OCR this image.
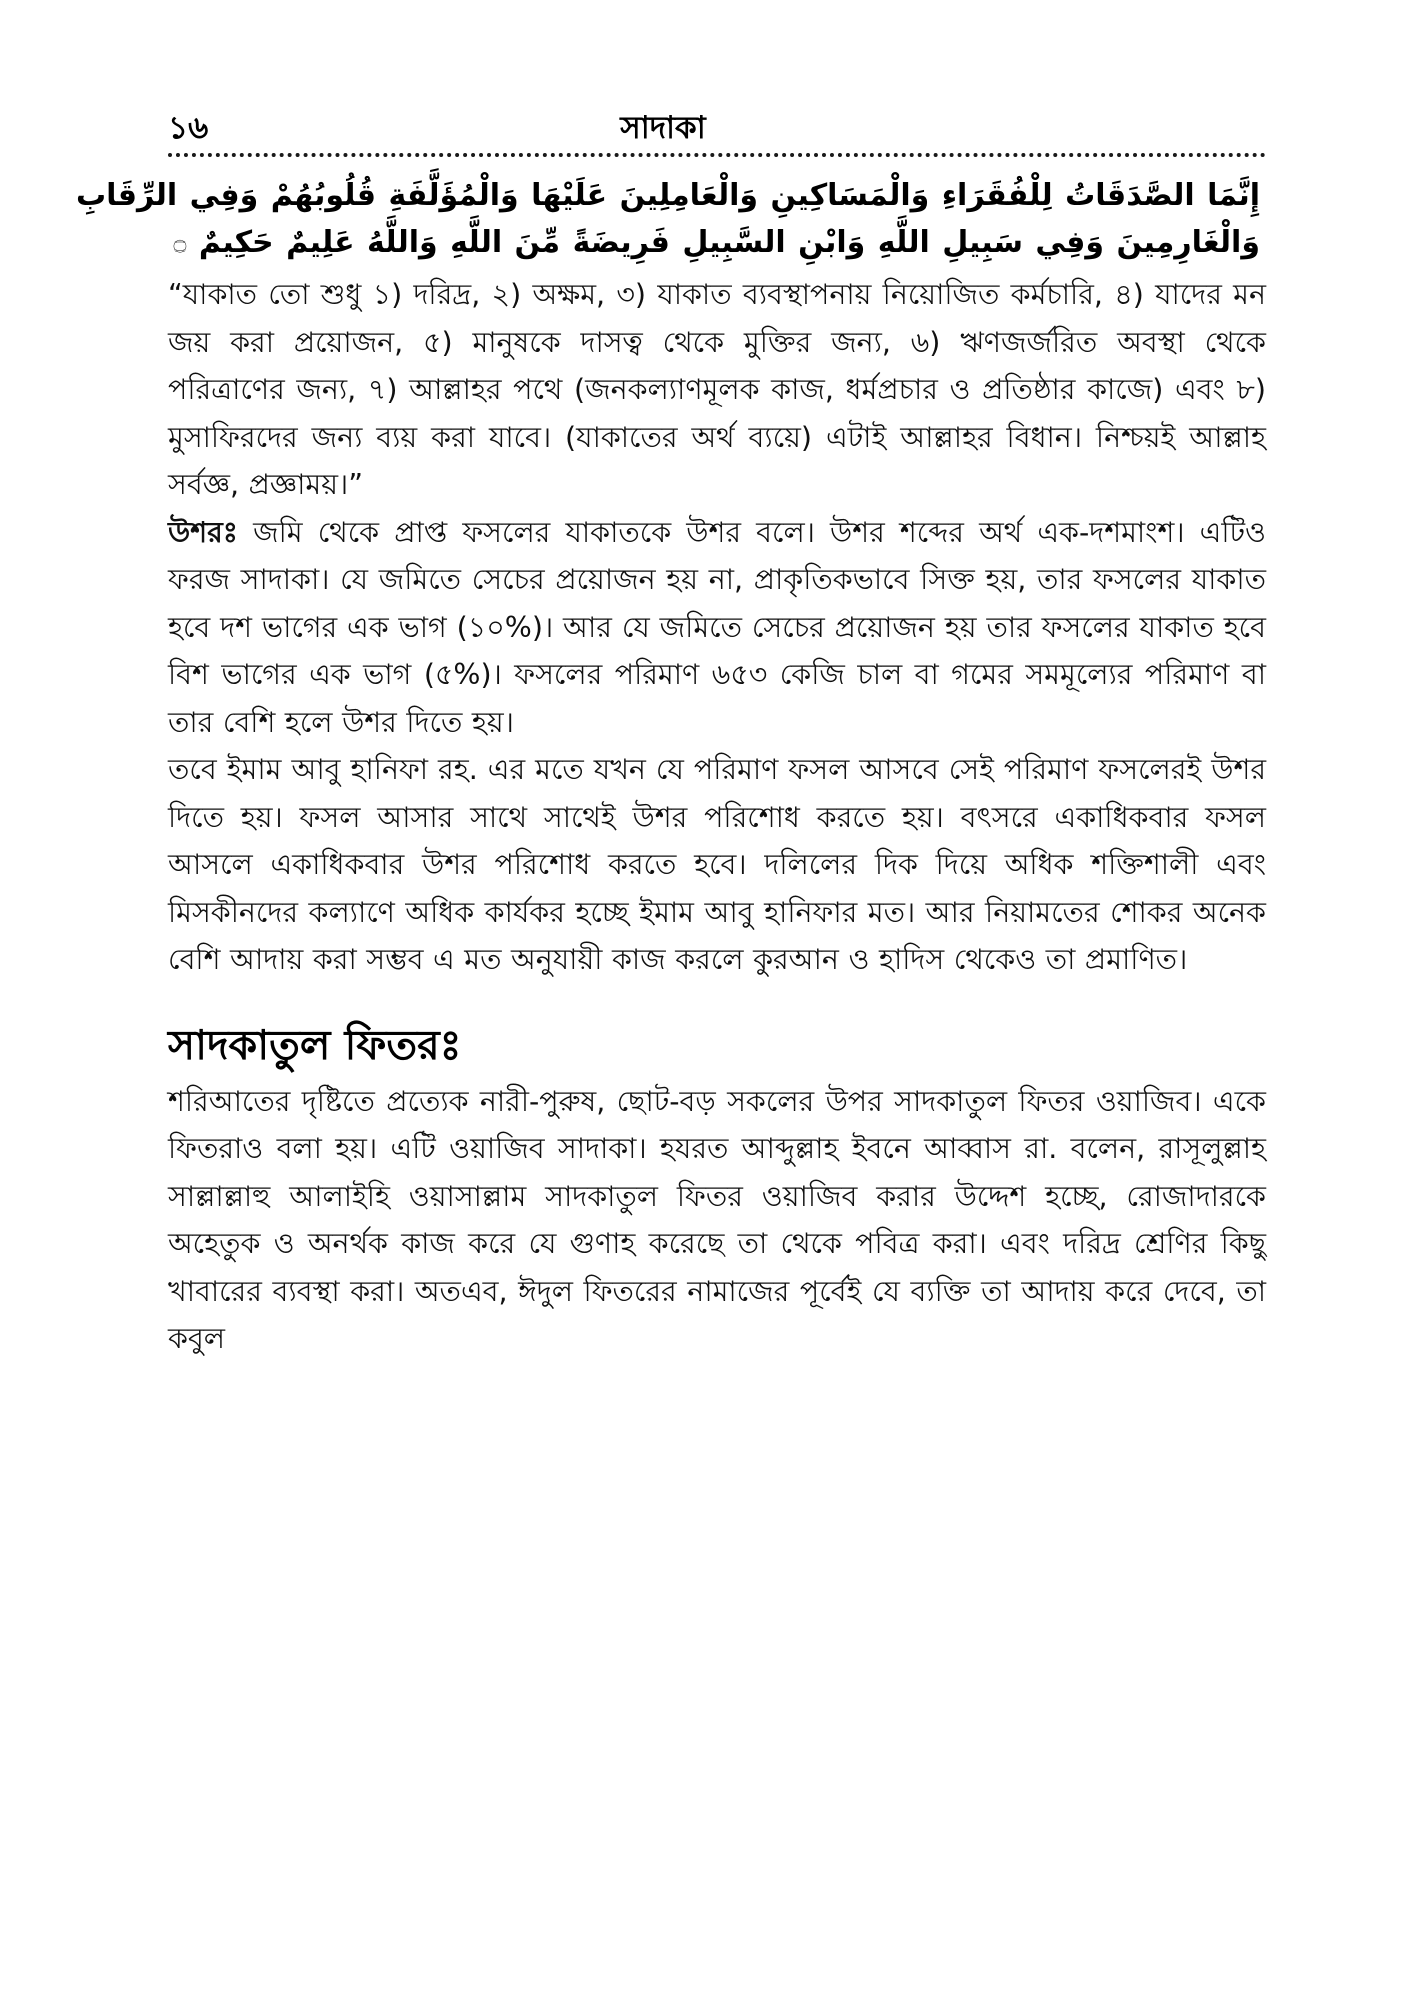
১৬	সাদাকা
إِنَّمَا الصَّدَقَاتُ لِلْفُقَرَاءِ وَالْمَسَاكِينِ وَالْعَامِلِينَ عَلَيْهَا وَالْمُؤَلَّفَةِ قُلُوبُهُمْ وَفِي الرِّقَابِ
وَالْغَارِمِينَ وَفِي سَبِيلِ اللَّهِ وَابْنِ السَّبِيلِ فَرِيضَةً مِّنَ اللَّهِ وَاللَّهُ عَلِيمٌ حَكِيمٌ ۝

“যাকাত তো শুধু ১) দরিদ্র, ২) অক্ষম, ৩) যাকাত ব্যবস্থাপনায় নিয়োজিত কর্মচারি, ৪) যাদের মন জয় করা প্রয়োজন, ৫) মানুষকে দাসত্ব থেকে মুক্তির জন্য, ৬) ঋণজর্জরিত অবস্থা থেকে পরিত্রাণের জন্য, ৭) আল্লাহর পথে (জনকল্যাণমূলক কাজ, ধর্মপ্রচার ও প্রতিষ্ঠার কাজে) এবং ৮) মুসাফিরদের জন্য ব্যয় করা যাবে। (যাকাতের অর্থ ব্যয়ে) এটাই আল্লাহর বিধান। নিশ্চয়ই আল্লাহ সর্বজ্ঞ, প্রজ্ঞাময়।”

উশরঃ জমি থেকে প্রাপ্ত ফসলের যাকাতকে উশর বলে। উশর শব্দের অর্থ এক-দশমাংশ। এটিও ফরজ সাদাকা। যে জমিতে সেচের প্রয়োজন হয় না, প্রাকৃতিকভাবে সিক্ত হয়, তার ফসলের যাকাত হবে দশ ভাগের এক ভাগ (১০%)। আর যে জমিতে সেচের প্রয়োজন হয় তার ফসলের যাকাত হবে বিশ ভাগের এক ভাগ (৫%)। ফসলের পরিমাণ ৬৫৩ কেজি চাল বা গমের সমমূল্যের পরিমাণ বা তার বেশি হলে উশর দিতে হয়।

তবে ইমাম আবু হানিফা রহ. এর মতে যখন যে পরিমাণ ফসল আসবে সেই পরিমাণ ফসলেরই উশর দিতে হয়। ফসল আসার সাথে সাথেই উশর পরিশোধ করতে হয়। বৎসরে একাধিকবার ফসল আসলে একাধিকবার উশর পরিশোধ করতে হবে। দলিলের দিক দিয়ে অধিক শক্তিশালী এবং মিসকীনদের কল্যাণে অধিক কার্যকর হচ্ছে ইমাম আবু হানিফার মত। আর নিয়ামতের শোকর অনেক বেশি আদায় করা সম্ভব এ মত অনুযায়ী কাজ করলে কুরআন ও হাদিস থেকেও তা প্রমাণিত।

সাদকাতুল ফিতরঃ

শরিআতের দৃষ্টিতে প্রত্যেক নারী-পুরুষ, ছোট-বড় সকলের উপর সাদকাতুল ফিতর ওয়াজিব। একে ফিতরাও বলা হয়। এটি ওয়াজিব সাদাকা। হযরত আব্দুল্লাহ ইবনে আব্বাস রা. বলেন, রাসূলুল্লাহ সাল্লাল্লাহু আলাইহি ওয়াসাল্লাম সাদকাতুল ফিতর ওয়াজিব করার উদ্দেশ হচ্ছে, রোজাদারকে অহেতুক ও অনর্থক কাজ করে যে গুণাহ করেছে তা থেকে পবিত্র করা। এবং দরিদ্র শ্রেণির কিছু খাবারের ব্যবস্থা করা। অতএব, ঈদুল ফিতরের নামাজের পূর্বেই যে ব্যক্তি তা আদায় করে দেবে, তা কবুল
